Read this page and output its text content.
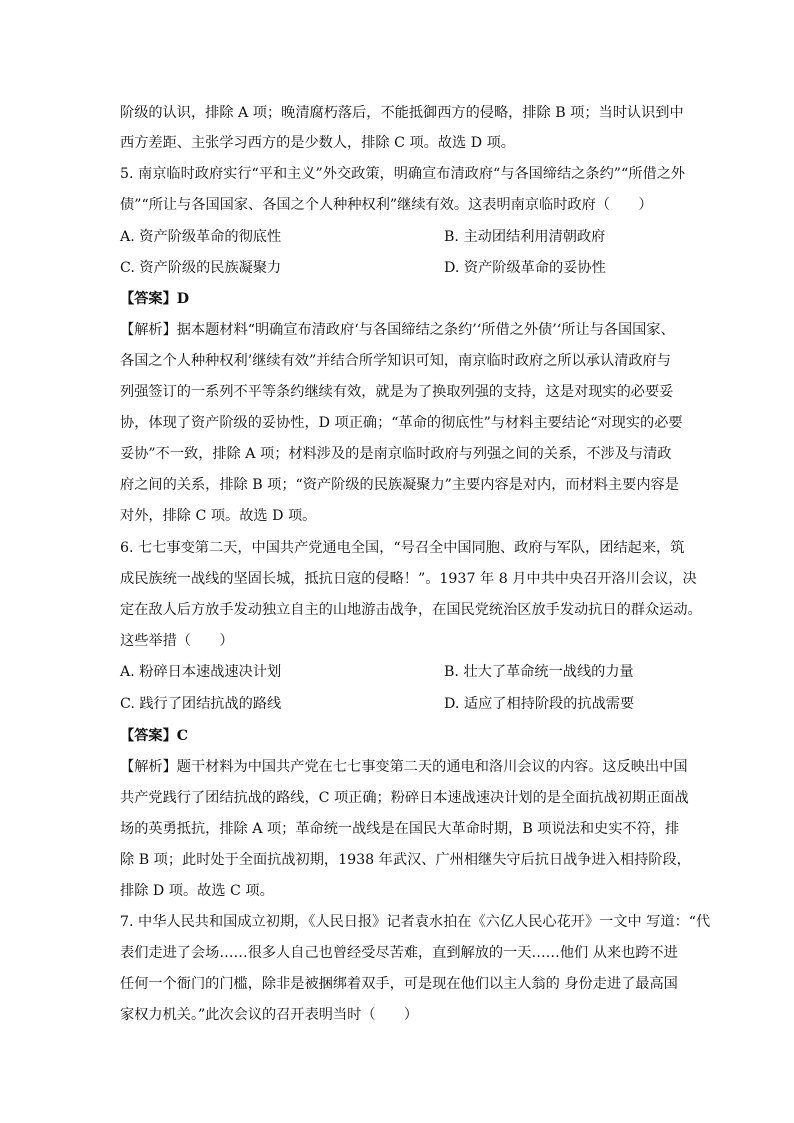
阶级的认识，排除 A 项；晚清腐朽落后，不能抵御西方的侵略，排除 B 项；当时认识到中
西方差距、主张学习西方的是少数人，排除 C 项。故选 D 项。
5. 南京临时政府实行“平和主义”外交政策，明确宣布清政府“与各国缔结之条约”“所借之外
债”“所让与各国国家、各国之个人种种权利”继续有效。这表明南京临时政府（　　）
A. 资产阶级革命的彻底性	B. 主动团结利用清朝政府
C. 资产阶级的民族凝聚力	D. 资产阶级革命的妥协性
【答案】D
【解析】据本题材料“明确宣布清政府‘与各国缔结之条约’‘所借之外债’‘所让与各国国家、
各国之个人种种权利’继续有效”并结合所学知识可知，南京临时政府之所以承认清政府与
列强签订的一系列不平等条约继续有效，就是为了换取列强的支持，这是对现实的必要妥
协，体现了资产阶级的妥协性，D 项正确；“革命的彻底性”与材料主要结论“对现实的必要
妥协”不一致，排除 A 项；材料涉及的是南京临时政府与列强之间的关系，不涉及与清政
府之间的关系，排除 B 项；“资产阶级的民族凝聚力”主要内容是对内，而材料主要内容是
对外，排除 C 项。故选 D 项。
6. 七七事变第二天，中国共产党通电全国，“号召全中国同胞、政府与军队，团结起来，筑
成民族统一战线的坚固长城，抵抗日寇的侵略！”。1937 年 8 月中共中央召开洛川会议，决
定在敌人后方放手发动独立自主的山地游击战争，在国民党统治区放手发动抗日的群众运动。
这些举措（　　）
A. 粉碎日本速战速决计划	B. 壮大了革命统一战线的力量
C. 践行了团结抗战的路线	D. 适应了相持阶段的抗战需要
【答案】C
【解析】题干材料为中国共产党在七七事变第二天的通电和洛川会议的内容。这反映出中国
共产党践行了团结抗战的路线，C 项正确；粉碎日本速战速决计划的是全面抗战初期正面战
场的英勇抵抗，排除 A 项；革命统一战线是在国民大革命时期，B 项说法和史实不符，排
除 B 项；此时处于全面抗战初期，1938 年武汉、广州相继失守后抗日战争进入相持阶段，
排除 D 项。故选 C 项。
7. 中华人民共和国成立初期，《人民日报》记者袁水拍在《六亿人民心花开》一文中 写道：“代
表们走进了会场……很多人自己也曾经受尽苦难，直到解放的一天……他们 从来也跨不进
任何一个衙门的门槛，除非是被捆绑着双手，可是现在他们以主人翁的 身份走进了最高国
家权力机关。”此次会议的召开表明当时（　　）
